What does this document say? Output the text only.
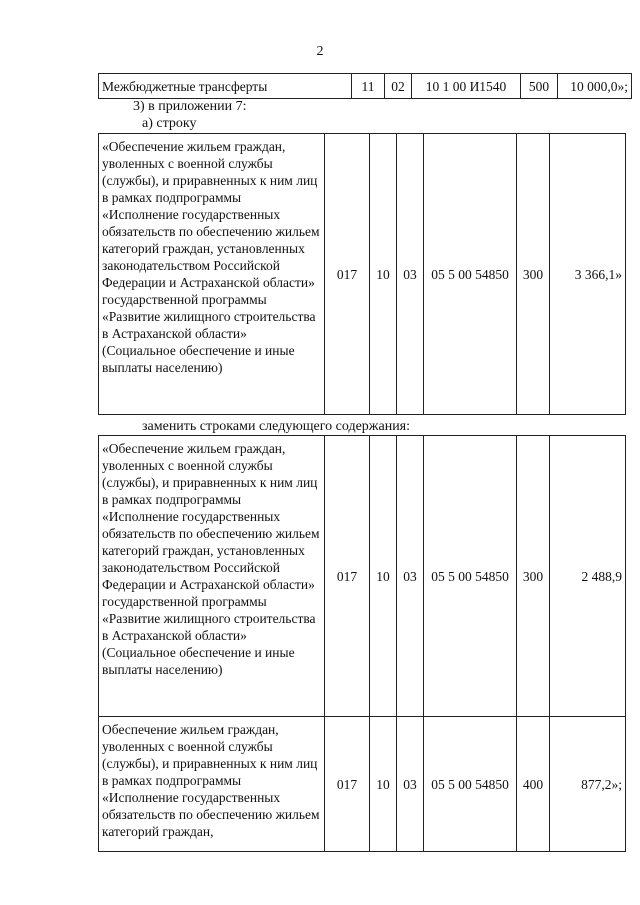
2
Межбюджетные трансферты	11	02	10 1 00 И1540	500	10 000,0»;
3) в приложении 7:
а) строку
«Обеспечение жильем граждан, уволенных с военной службы (службы), и приравненных к ним лиц в рамках подпрограммы «Исполнение государственных обязательств по обеспечению жильем категорий граждан, установленных законодательством Российской Федерации и Астраханской области» государственной программы «Развитие жилищного строительства в Астраханской области» (Социальное обеспечение и иные выплаты населению)	017	10	03	05 5 00 54850	300	3 366,1»
заменить строками следующего содержания:
«Обеспечение жильем граждан, уволенных с военной службы (службы), и приравненных к ним лиц в рамках подпрограммы «Исполнение государственных обязательств по обеспечению жильем категорий граждан, установленных законодательством Российской Федерации и Астраханской области» государственной программы «Развитие жилищного строительства в Астраханской области» (Социальное обеспечение и иные выплаты населению)	017	10	03	05 5 00 54850	300	2 488,9
Обеспечение жильем граждан, уволенных с военной службы (службы), и приравненных к ним лиц в рамках подпрограммы «Исполнение государственных обязательств по обеспечению жильем категорий граждан,	017	10	03	05 5 00 54850	400	877,2»;
